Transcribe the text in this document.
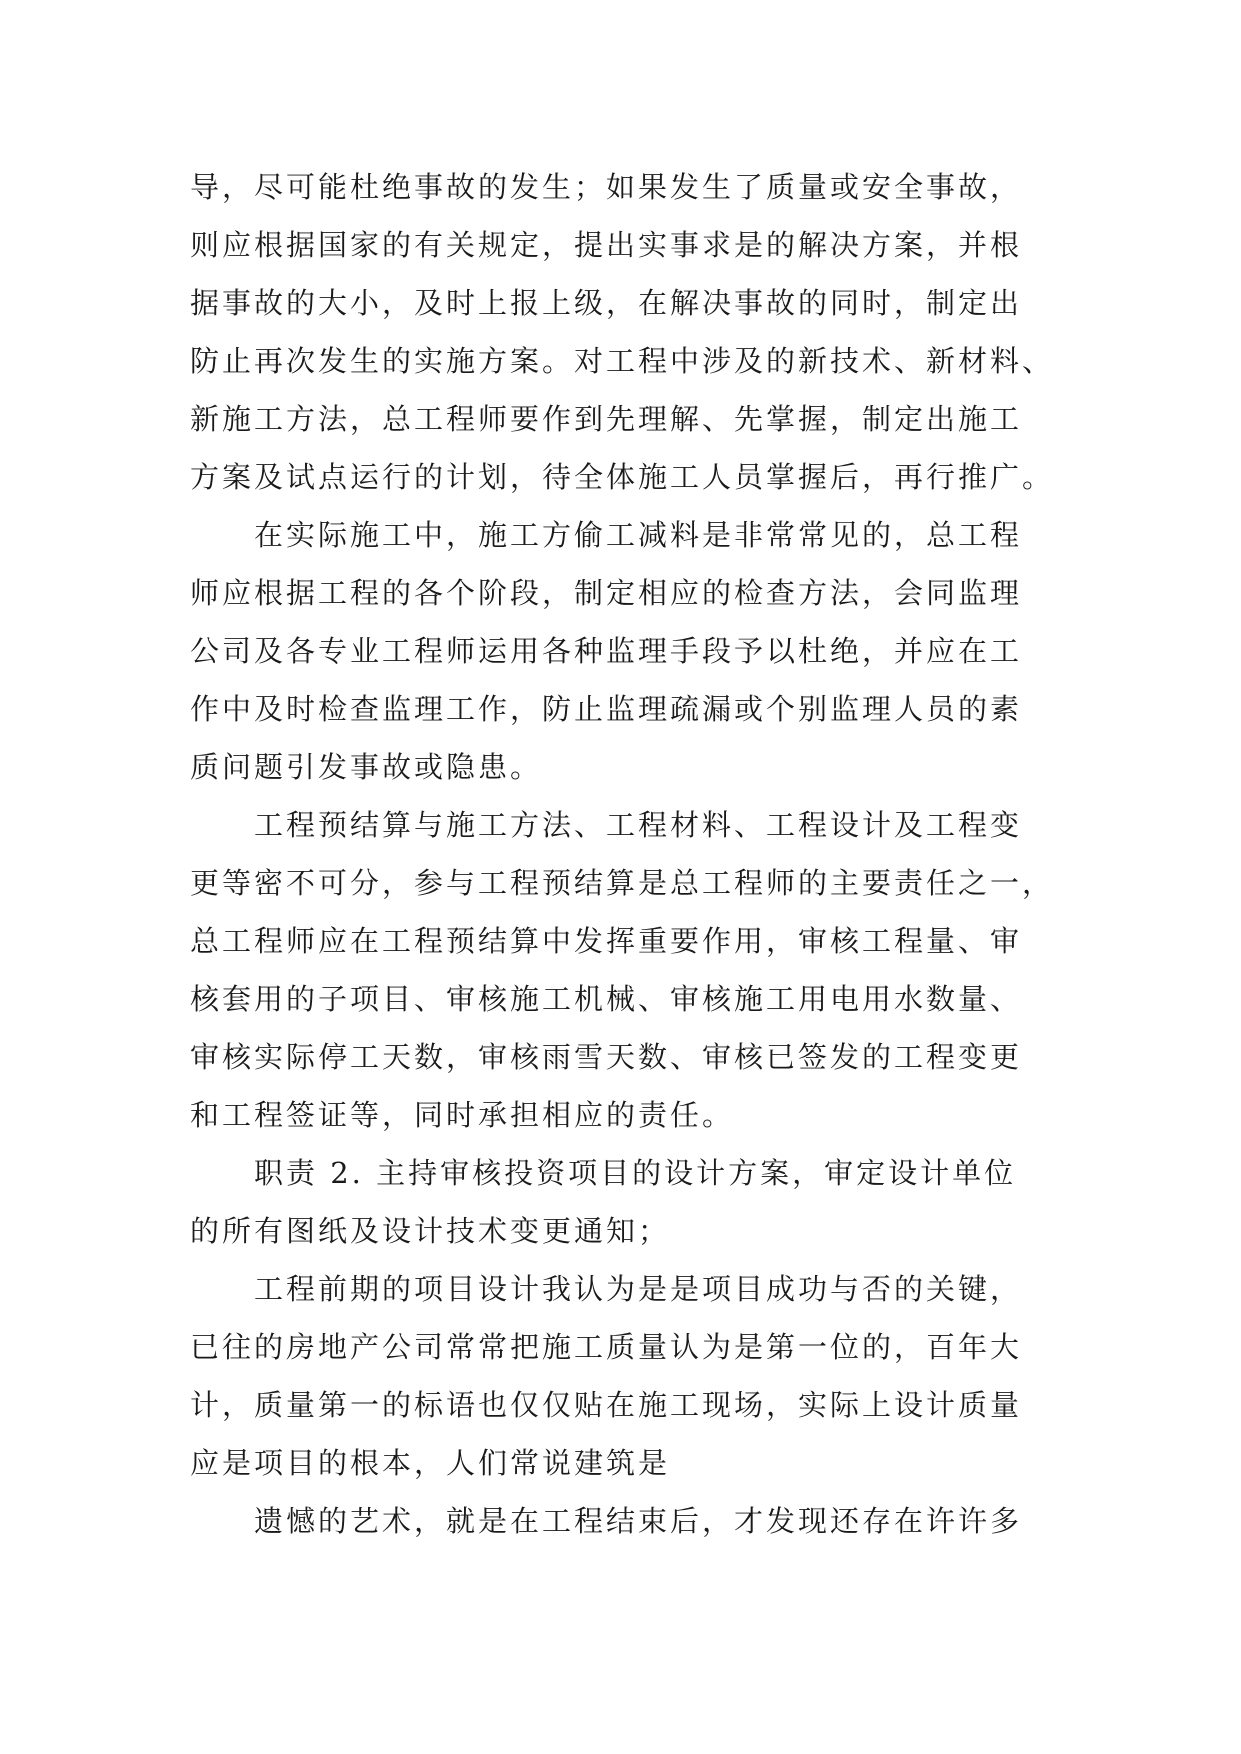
导，尽可能杜绝事故的发生；如果发生了质量或安全事故，
则应根据国家的有关规定，提出实事求是的解决方案，并根
据事故的大小，及时上报上级，在解决事故的同时，制定出
防止再次发生的实施方案。对工程中涉及的新技术、新材料、
新施工方法，总工程师要作到先理解、先掌握，制定出施工
方案及试点运行的计划，待全体施工人员掌握后，再行推广。
在实际施工中，施工方偷工减料是非常常见的，总工程
师应根据工程的各个阶段，制定相应的检查方法，会同监理
公司及各专业工程师运用各种监理手段予以杜绝，并应在工
作中及时检查监理工作，防止监理疏漏或个别监理人员的素
质问题引发事故或隐患。
工程预结算与施工方法、工程材料、工程设计及工程变
更等密不可分，参与工程预结算是总工程师的主要责任之一，
总工程师应在工程预结算中发挥重要作用，审核工程量、审
核套用的子项目、审核施工机械、审核施工用电用水数量、
审核实际停工天数，审核雨雪天数、审核已签发的工程变更
和工程签证等，同时承担相应的责任。
职责 2. 主持审核投资项目的设计方案，审定设计单位
的所有图纸及设计技术变更通知；
工程前期的项目设计我认为是是项目成功与否的关键，
已往的房地产公司常常把施工质量认为是第一位的，百年大
计，质量第一的标语也仅仅贴在施工现场，实际上设计质量
应是项目的根本，人们常说建筑是
遗憾的艺术，就是在工程结束后，才发现还存在许许多
